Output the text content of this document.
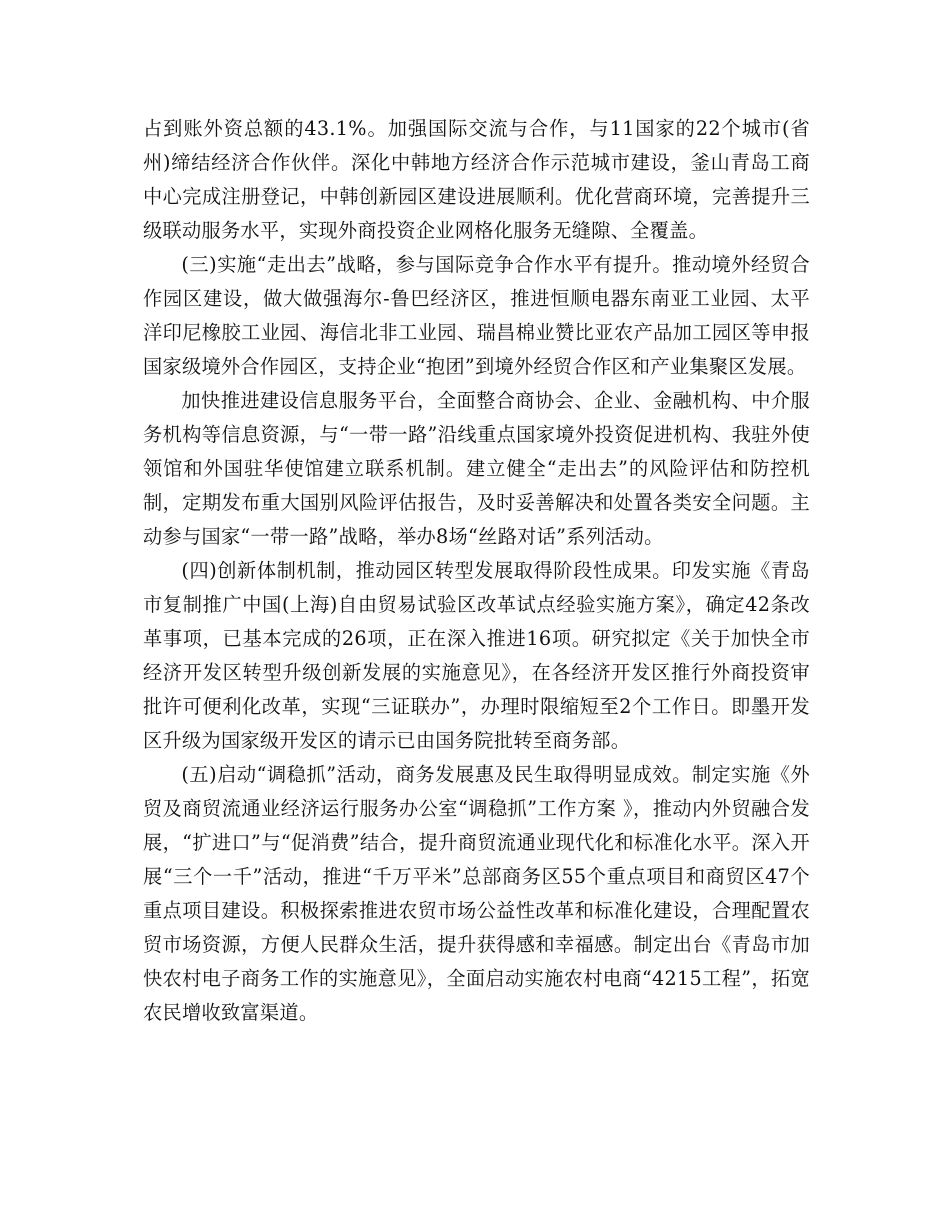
占到账外资总额的43.1%。加强国际交流与合作，与11国家的22个城市(省州)缔结经济合作伙伴。深化中韩地方经济合作示范城市建设，釜山青岛工商中心完成注册登记，中韩创新园区建设进展顺利。优化营商环境，完善提升三级联动服务水平，实现外商投资企业网格化服务无缝隙、全覆盖。

(三)实施“走出去”战略，参与国际竞争合作水平有提升。推动境外经贸合作园区建设，做大做强海尔-鲁巴经济区，推进恒顺电器东南亚工业园、太平洋印尼橡胶工业园、海信北非工业园、瑞昌棉业赞比亚农产品加工园区等申报国家级境外合作园区，支持企业“抱团”到境外经贸合作区和产业集聚区发展。

加快推进建设信息服务平台，全面整合商协会、企业、金融机构、中介服务机构等信息资源，与“一带一路”沿线重点国家境外投资促进机构、我驻外使领馆和外国驻华使馆建立联系机制。建立健全“走出去”的风险评估和防控机制，定期发布重大国别风险评估报告，及时妥善解决和处置各类安全问题。主动参与国家“一带一路”战略，举办8场“丝路对话”系列活动。

(四)创新体制机制，推动园区转型发展取得阶段性成果。印发实施《青岛市复制推广中国(上海)自由贸易试验区改革试点经验实施方案》，确定42条改革事项，已基本完成的26项，正在深入推进16项。研究拟定《关于加快全市经济开发区转型升级创新发展的实施意见》，在各经济开发区推行外商投资审批许可便利化改革，实现“三证联办”，办理时限缩短至2个工作日。即墨开发区升级为国家级开发区的请示已由国务院批转至商务部。

(五)启动“调稳抓”活动，商务发展惠及民生取得明显成效。制定实施《外贸及商贸流通业经济运行服务办公室“调稳抓”工作方案 》，推动内外贸融合发展，“扩进口”与“促消费”结合，提升商贸流通业现代化和标准化水平。深入开展“三个一千”活动，推进“千万平米”总部商务区55个重点项目和商贸区47个重点项目建设。积极探索推进农贸市场公益性改革和标准化建设，合理配置农贸市场资源，方便人民群众生活，提升获得感和幸福感。制定出台《青岛市加快农村电子商务工作的实施意见》，全面启动实施农村电商“4215工程”，拓宽农民增收致富渠道。
